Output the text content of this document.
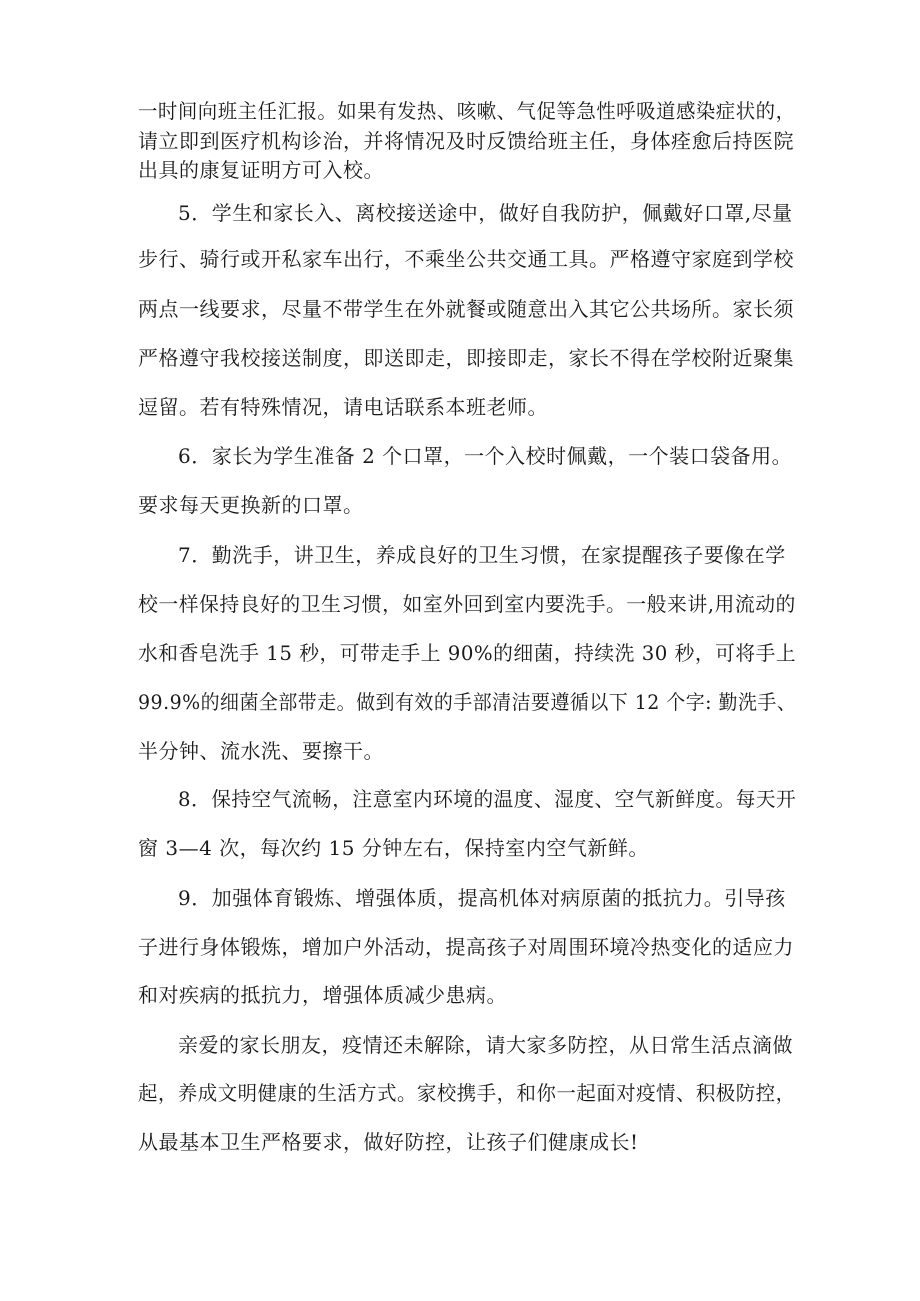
一时间向班主任汇报。如果有发热、咳嗽、气促等急性呼吸道感染症状的，
请立即到医疗机构诊治，并将情况及时反馈给班主任，身体痊愈后持医院
出具的康复证明方可入校。
5．学生和家长入、离校接送途中，做好自我防护，佩戴好口罩,尽量
步行、骑行或开私家车出行，不乘坐公共交通工具。严格遵守家庭到学校
两点一线要求，尽量不带学生在外就餐或随意出入其它公共场所。家长须
严格遵守我校接送制度，即送即走，即接即走，家长不得在学校附近聚集
逗留。若有特殊情况，请电话联系本班老师。
6．家长为学生准备 2 个口罩，一个入校时佩戴，一个装口袋备用。
要求每天更换新的口罩。
7．勤洗手，讲卫生，养成良好的卫生习惯，在家提醒孩子要像在学
校一样保持良好的卫生习惯，如室外回到室内要洗手。一般来讲,用流动的
水和香皂洗手 15 秒，可带走手上 90%的细菌，持续洗 30 秒，可将手上
99.9%的细菌全部带走。做到有效的手部清洁要遵循以下 12 个字: 勤洗手、
半分钟、流水洗、要擦干。
8．保持空气流畅，注意室内环境的温度、湿度、空气新鲜度。每天开
窗 3—4 次，每次约 15 分钟左右，保持室内空气新鲜。
9．加强体育锻炼、增强体质，提高机体对病原菌的抵抗力。引导孩
子进行身体锻炼，增加户外活动，提高孩子对周围环境冷热变化的适应力
和对疾病的抵抗力，增强体质减少患病。
亲爱的家长朋友，疫情还未解除，请大家多防控，从日常生活点滴做
起，养成文明健康的生活方式。家校携手，和你一起面对疫情、积极防控，
从最基本卫生严格要求，做好防控，让孩子们健康成长!
